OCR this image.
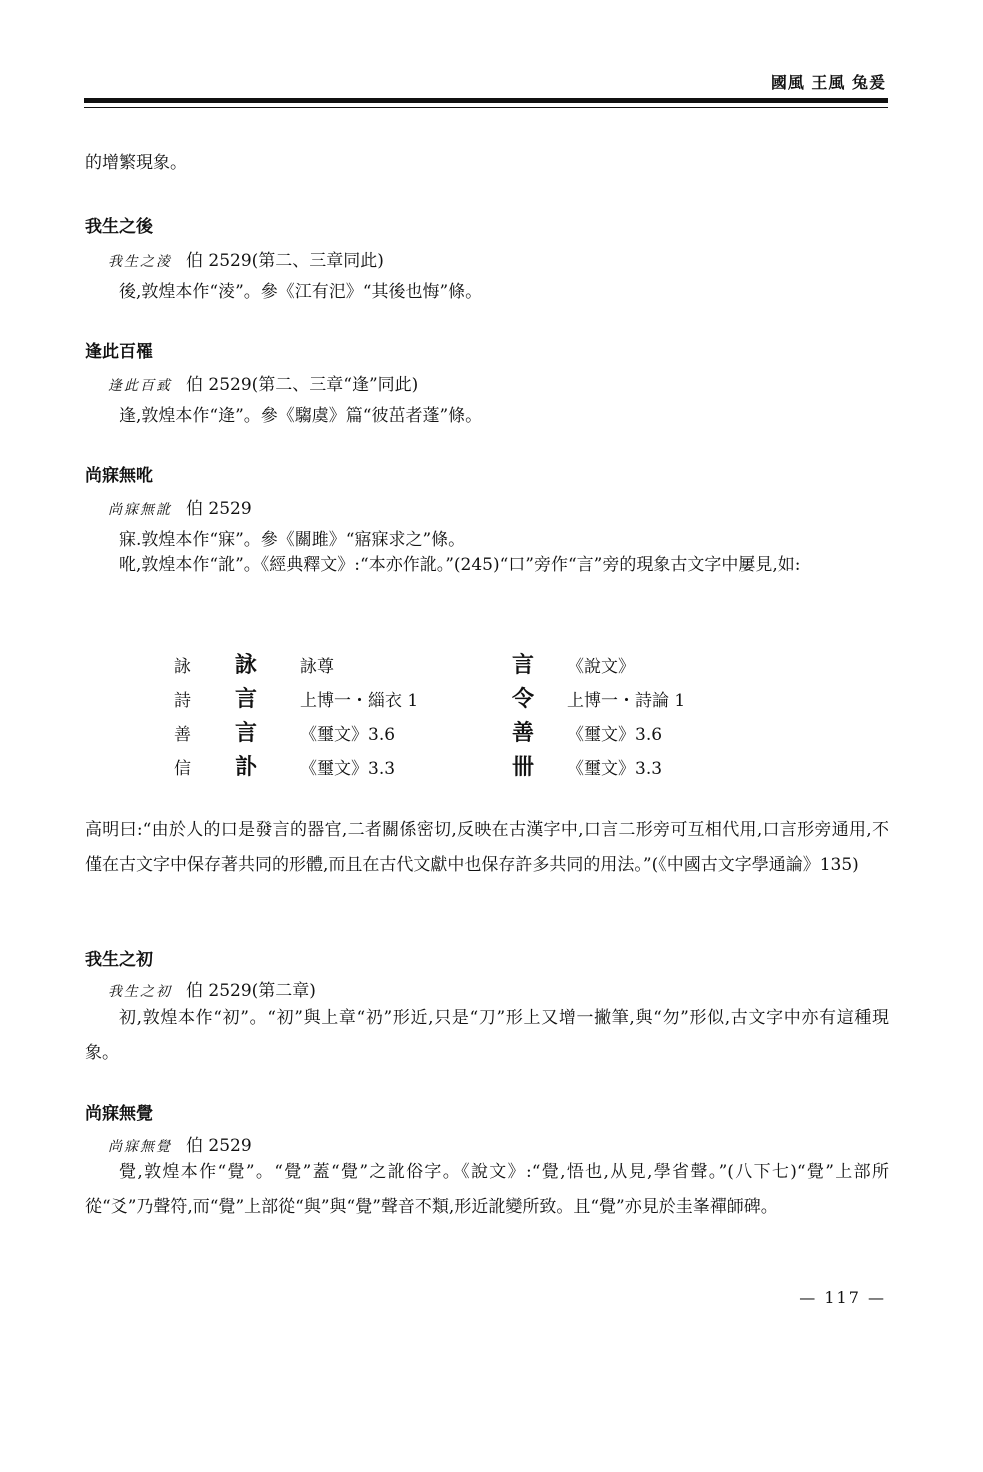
國風 王風 兔爰
的增繁現象。
我生之後
我生之淩 伯 2529(第二、三章同此)
後,敦煌本作“淩”。參《江有汜》“其後也悔”條。
逢此百罹
逢此百㦶 伯 2529(第二、三章“逢”同此)
逢,敦煌本作“逄”。參《騶虞》篇“彼茁者蓬”條。
尚寐無吪
尚寐無訛 伯 2529
寐.敦煌本作“寐”。參《關雎》“寤寐求之”條。
吪,敦煌本作“訛”。《經典釋文》:“本亦作訛。”(245)“口”旁作“言”旁的現象古文字中屢見,如:
詠 詠	詠尊	言 《說文》
詩 言	上博一・緇衣 1	令 上博一・詩論 1
善 言	《璽文》3.6	善 《璽文》3.6
信 訃	《璽文》3.3	卌 《璽文》3.3
高明曰:“由於人的口是發言的器官,二者關係密切,反映在古漢字中,口言二形旁可互相代用,口言形旁通用,不僅在古文字中保存著共同的形體,而且在古代文獻中也保存許多共同的用法。”(《中國古文字學通論》135)
我生之初
我生之初 伯 2529(第二章)
初,敦煌本作“初”。“初”與上章“礽”形近,只是“刀”形上又增一撇筆,與“勿”形似,古文字中亦有這種現象。
尚寐無覺
尚寐無覺 伯 2529
覺,敦煌本作“覺”。“覺”蓋“覺”之訛俗字。《說文》:“覺,悟也,从見,學省聲。”(八下七)“覺”上部所從“爻”乃聲符,而“覺”上部從“與”與“覺”聲音不類,形近訛變所致。且“覺”亦見於圭峯禪師碑。
— 117 —
